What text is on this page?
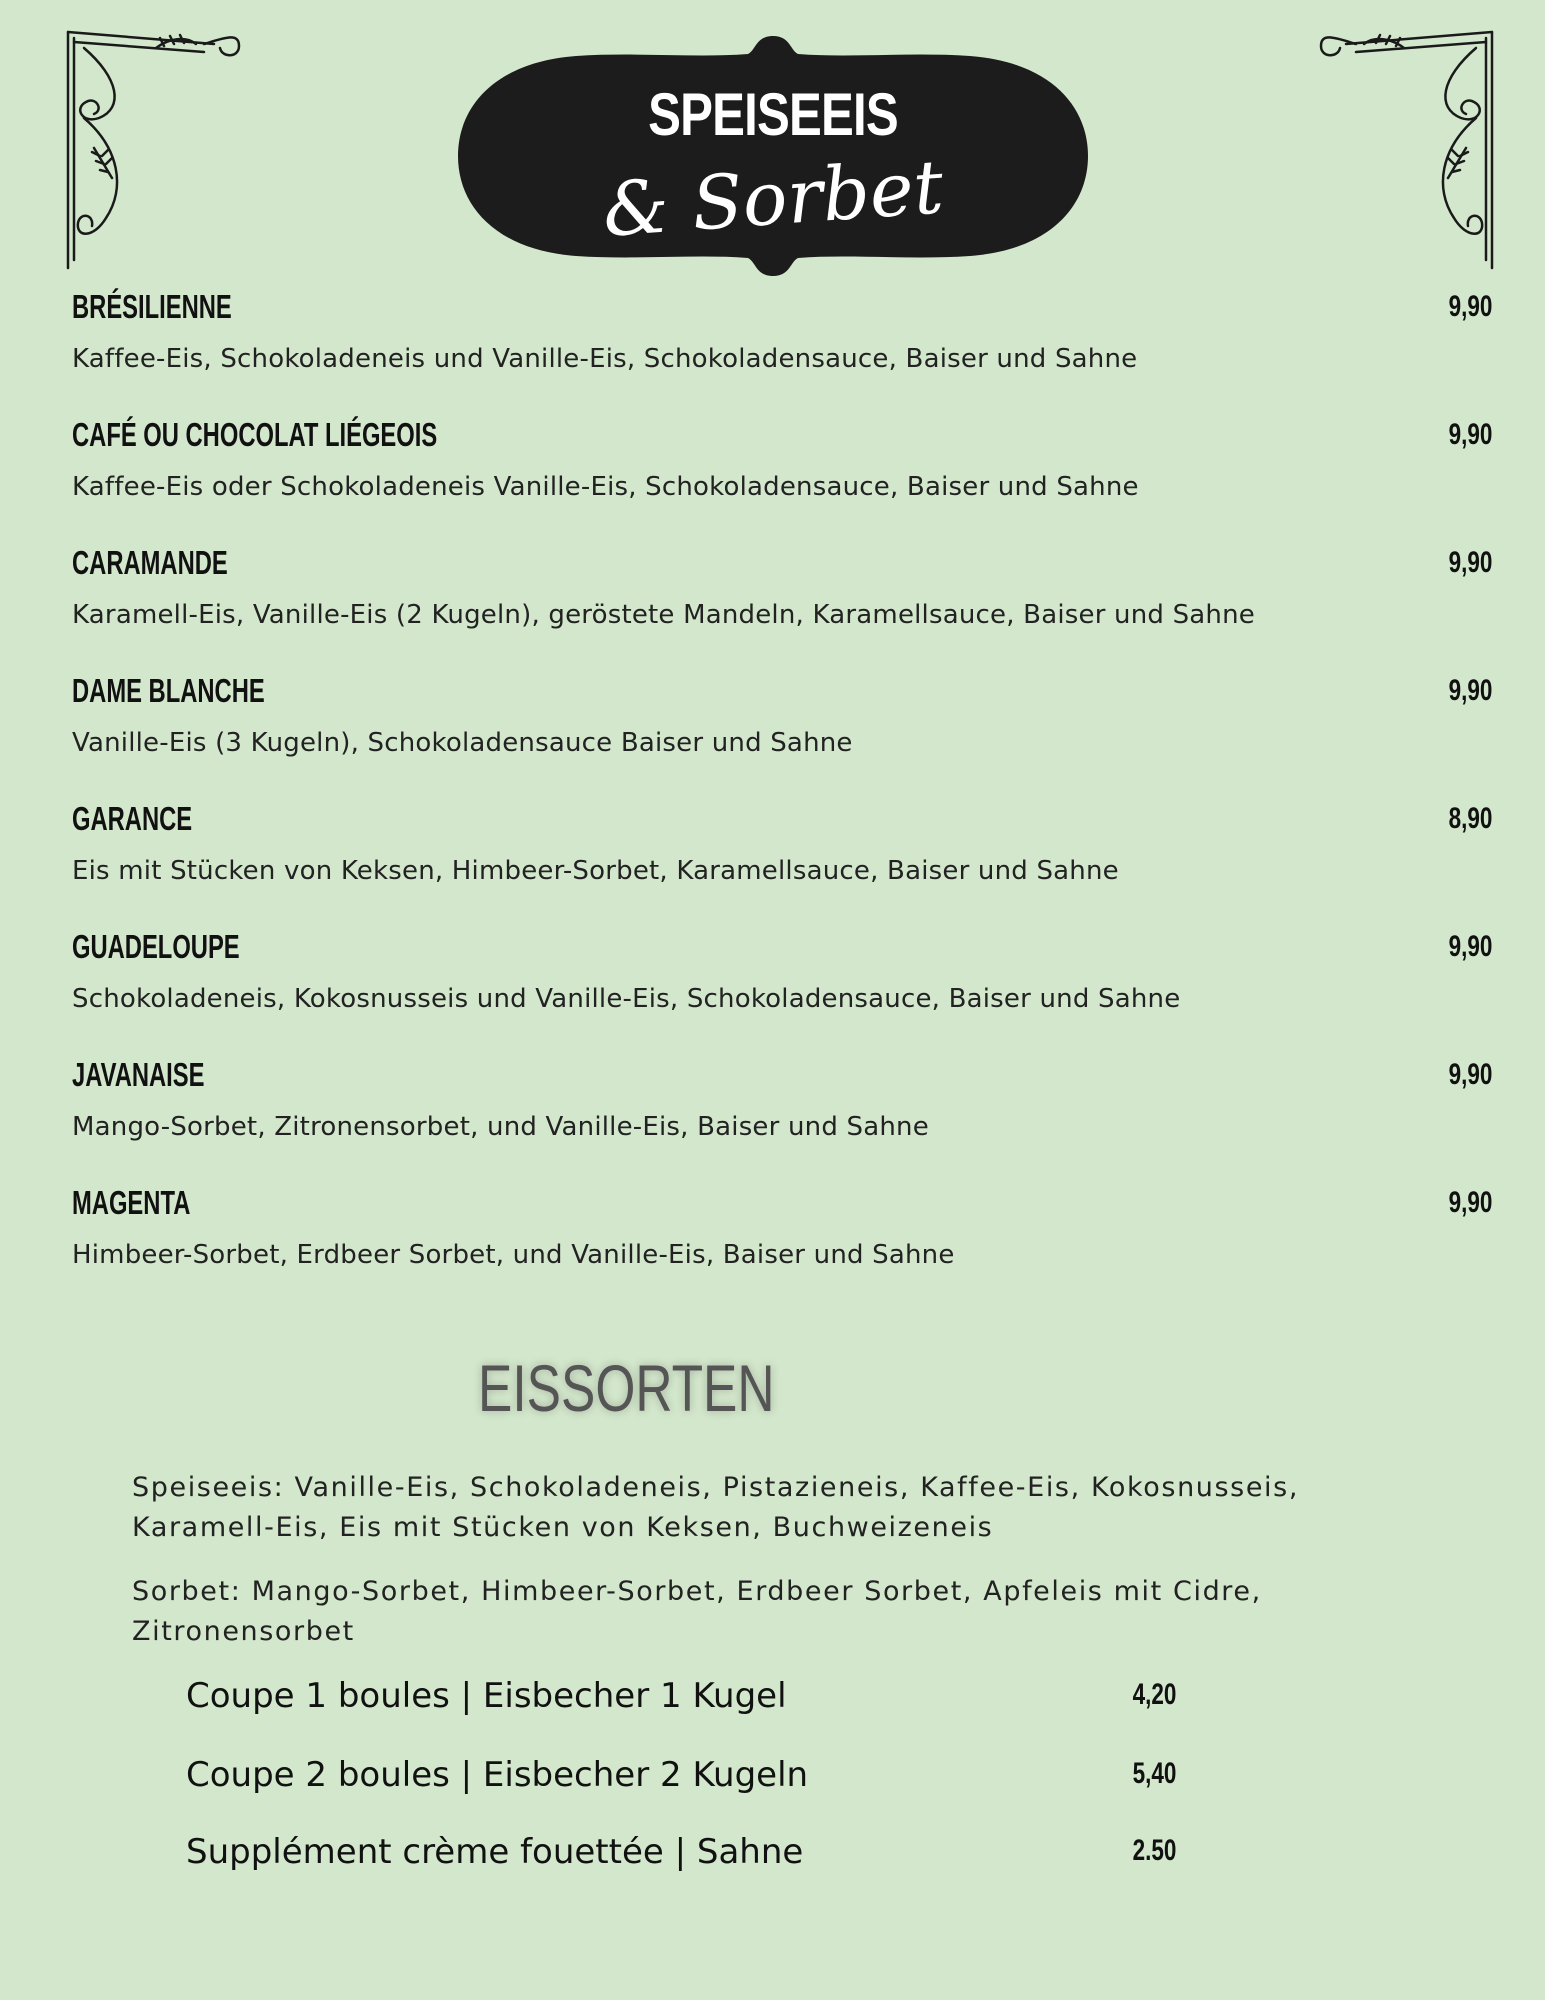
SPEISEEIS
& Sorbet
BRÉSILIENNE	9,90
Kaffee-Eis, Schokoladeneis und Vanille-Eis, Schokoladensauce, Baiser und Sahne
CAFÉ OU CHOCOLAT LIÉGEOIS	9,90
Kaffee-Eis oder Schokoladeneis Vanille-Eis, Schokoladensauce, Baiser und Sahne
CARAMANDE	9,90
Karamell-Eis, Vanille-Eis (2 Kugeln), geröstete Mandeln, Karamellsauce, Baiser und Sahne
DAME BLANCHE	9,90
Vanille-Eis (3 Kugeln), Schokoladensauce Baiser und Sahne
GARANCE	8,90
Eis mit Stücken von Keksen, Himbeer-Sorbet, Karamellsauce, Baiser und Sahne
GUADELOUPE	9,90
Schokoladeneis, Kokosnusseis und Vanille-Eis, Schokoladensauce, Baiser und Sahne
JAVANAISE	9,90
Mango-Sorbet, Zitronensorbet, und Vanille-Eis, Baiser und Sahne
MAGENTA	9,90
Himbeer-Sorbet, Erdbeer Sorbet, und Vanille-Eis, Baiser und Sahne
EISSORTEN
Speiseeis: Vanille-Eis, Schokoladeneis, Pistazieneis, Kaffee-Eis, Kokosnusseis,
Karamell-Eis, Eis mit Stücken von Keksen, Buchweizeneis
Sorbet: Mango-Sorbet, Himbeer-Sorbet, Erdbeer Sorbet, Apfeleis mit Cidre,
Zitronensorbet
Coupe 1 boules | Eisbecher 1 Kugel	4,20
Coupe 2 boules | Eisbecher 2 Kugeln	5,40
Supplément crème fouettée | Sahne	2.50
